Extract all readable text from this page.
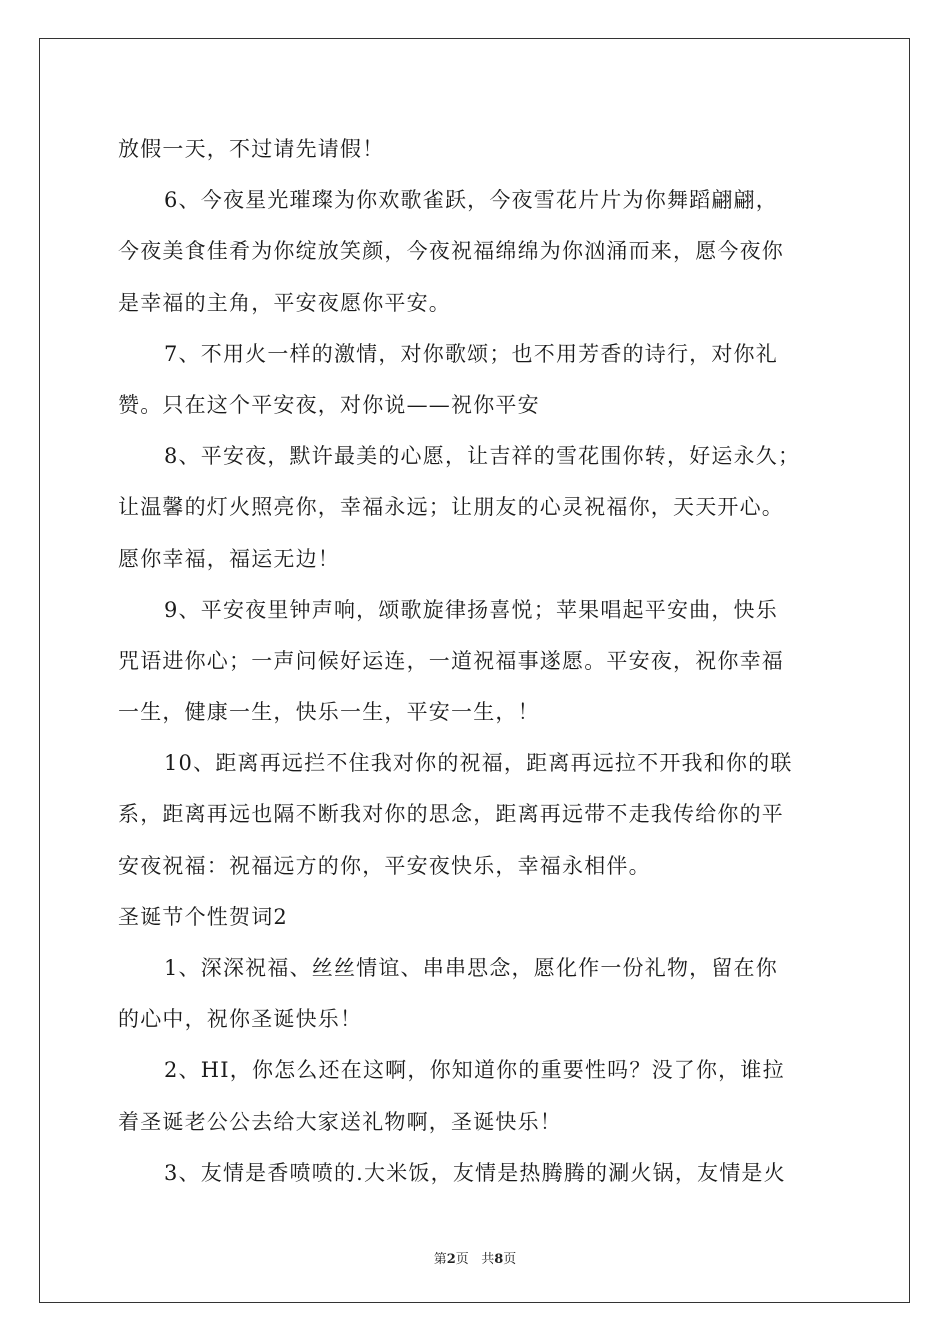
放假一天，不过请先请假！
6、今夜星光璀璨为你欢歌雀跃，今夜雪花片片为你舞蹈翩翩，
今夜美食佳肴为你绽放笑颜，今夜祝福绵绵为你汹涌而来，愿今夜你
是幸福的主角，平安夜愿你平安。
7、不用火一样的激情，对你歌颂；也不用芳香的诗行，对你礼
赞。只在这个平安夜，对你说——祝你平安
8、平安夜，默许最美的心愿，让吉祥的雪花围你转，好运永久；
让温馨的灯火照亮你，幸福永远；让朋友的心灵祝福你，天天开心。
愿你幸福，福运无边！
9、平安夜里钟声响，颂歌旋律扬喜悦；苹果唱起平安曲，快乐
咒语进你心；一声问候好运连，一道祝福事遂愿。平安夜，祝你幸福
一生，健康一生，快乐一生，平安一生，！
10、距离再远拦不住我对你的祝福，距离再远拉不开我和你的联
系，距离再远也隔不断我对你的思念，距离再远带不走我传给你的平
安夜祝福：祝福远方的你，平安夜快乐，幸福永相伴。
圣诞节个性贺词2
1、深深祝福、丝丝情谊、串串思念，愿化作一份礼物，留在你
的心中，祝你圣诞快乐！
2、HI，你怎么还在这啊，你知道你的重要性吗？没了你，谁拉
着圣诞老公公去给大家送礼物啊，圣诞快乐！
3、友情是香喷喷的.大米饭，友情是热腾腾的涮火锅，友情是火
第2页 共8页
